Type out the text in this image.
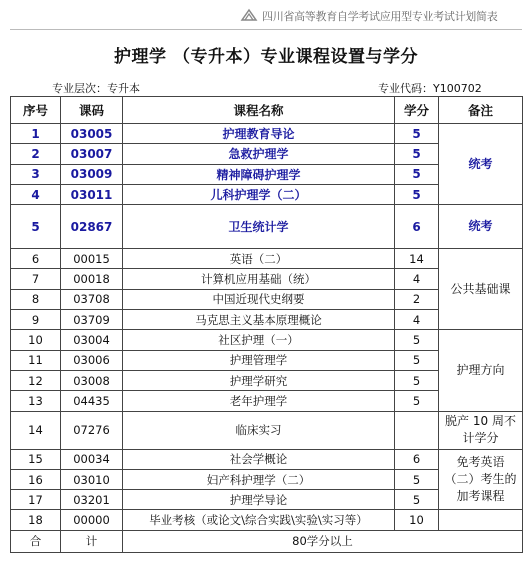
四川省高等教育自学考试应用型专业考试计划简表
护理学 （专升本）专业课程设置与学分
专业层次：专升本	专业代码：Y100702
序号	课码	课程名称	学分	备注
1	03005	护理教育导论	5	统考
2	03007	急救护理学	5	
3	03009	精神障碍护理学	5	
4	03011	儿科护理学（二）	5	
5	02867	卫生统计学	6	统考
6	00015	英语（二）	14	公共基础课
7	00018	计算机应用基础（统）	4	
8	03708	中国近现代史纲要	2	
9	03709	马克思主义基本原理概论	4	
10	03004	社区护理（一）	5	护理方向
11	03006	护理管理学	5	
12	03008	护理学研究	5	
13	04435	老年护理学	5	
14	07276	临床实习		脱产 10 周不计学分
15	00034	社会学概论	6	免考英语（二）考生的加考课程
16	03010	妇产科护理学（二）	5	
17	03201	护理学导论	5	
18	00000	毕业考核（或论文\综合实践\实验\实习等）	10	
合	计	80学分以上		
